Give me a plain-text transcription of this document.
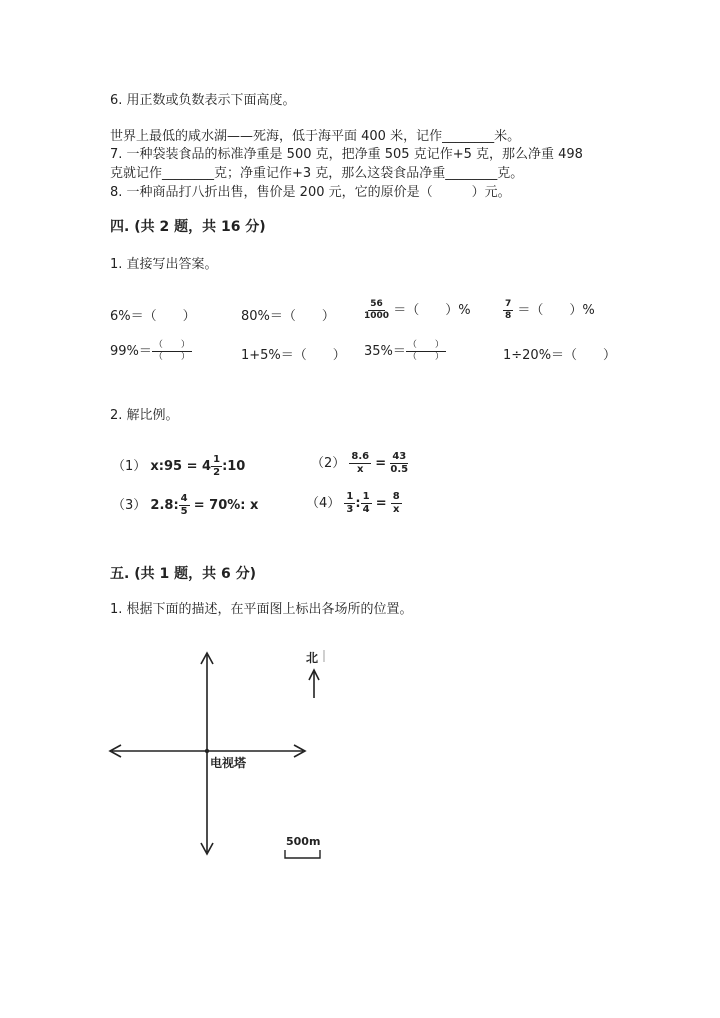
6. 用正数或负数表示下面高度。
世界上最低的咸水湖——死海，低于海平面 400 米，记作________米。
7. 一种袋装食品的标准净重是 500 克，把净重 505 克记作+5 克，那么净重 498
克就记作________克；净重记作+3 克，那么这袋食品净重________克。
8. 一种商品打八折出售，售价是 200 元，它的原价是（　　　）元。
四. (共 2 题，共 16 分)
1. 直接写出答案。
6%＝（　　）	80%＝（　　）	$\frac{56}{1000}$ ＝（　　）%	$\frac{7}{8}$ ＝（　　）%
$99\%= \frac{( )}{( )}$	1+5%＝（　　） $35\%= \frac{( )}{( )}$	1÷20%＝（　　）
2. 解比例。
（1） x:95 = $4 \frac{1}{2}$ :10	$(2) \frac{8.6}{x} = \frac{43}{0.5}$
（3） 2.8: $\frac{4}{5} = 70\%$: x	$(4) \frac{1}{3}$ : $\frac{1}{4} = \frac{8}{x}$
五. (共 1 题，共 6 分)
1. 根据下面的描述，在平面图上标出各场所的位置。
电视塔
北
500m
